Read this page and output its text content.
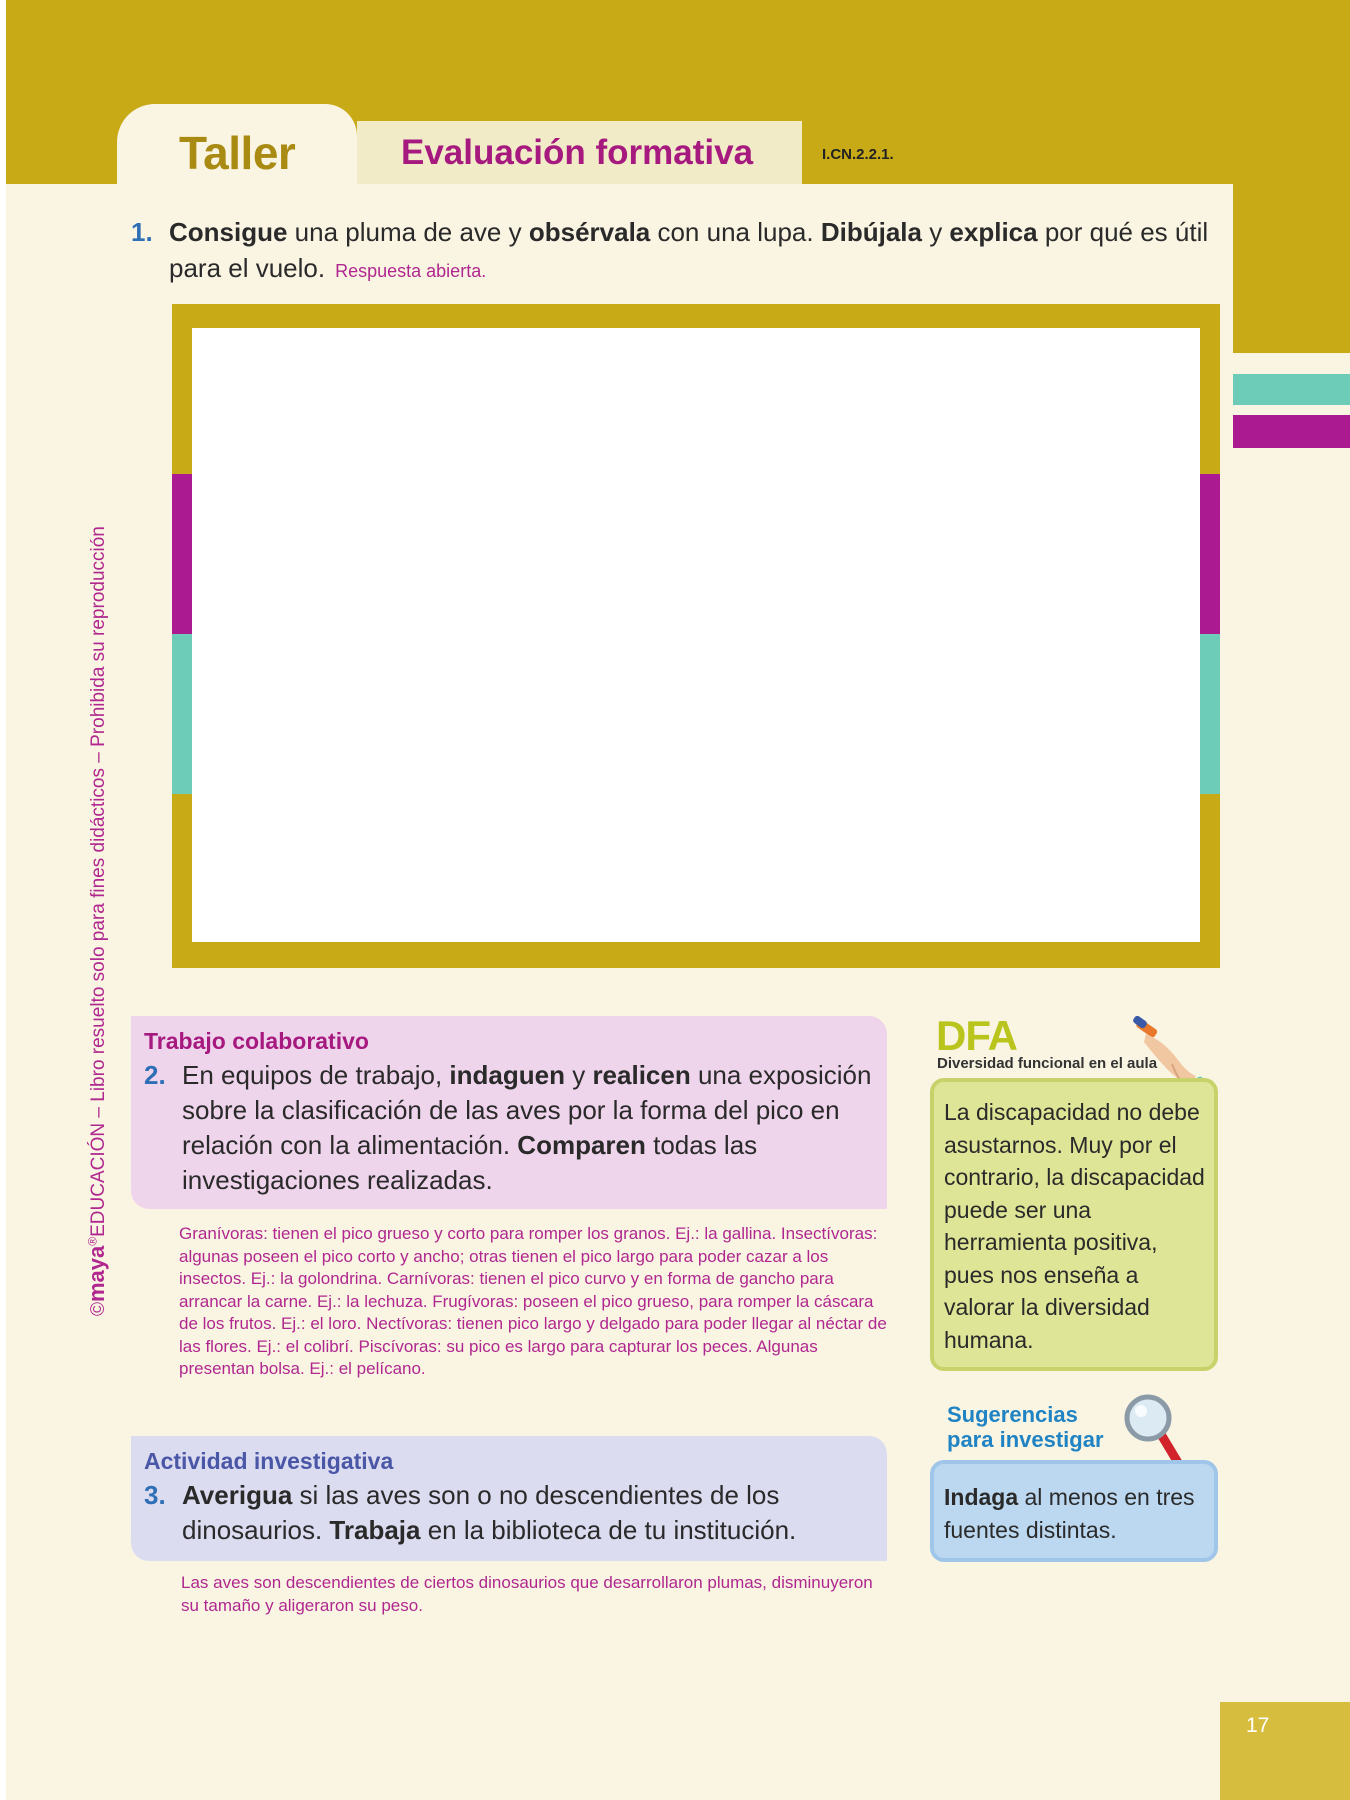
Taller	Evaluación formativa	I.CN.2.2.1.
1. Consigue una pluma de ave y obsérvala con una lupa. Dibújala y explica por qué es útil para el vuelo. Respuesta abierta.
©maya®EDUCACIÓN – Libro resuelto solo para fines didácticos – Prohibida su reproducción Trabajo colaborativo
2. En equipos de trabajo, indaguen y realicen una exposición sobre la clasificación de las aves por la forma del pico en relación con la alimentación. Comparen todas las investigaciones realizadas.
Granívoras: tienen el pico grueso y corto para romper los granos. Ej.: la gallina. Insectívoras: algunas poseen el pico corto y ancho; otras tienen el pico largo para poder cazar a los insectos. Ej.: la golondrina. Carnívoras: tienen el pico curvo y en forma de gancho para arrancar la carne. Ej.: la lechuza. Frugívoras: poseen el pico grueso, para romper la cáscara de los frutos. Ej.: el loro. Nectívoras: tienen pico largo y delgado para poder llegar al néctar de las flores. Ej.: el colibrí. Piscívoras: su pico es largo para capturar los peces. Algunas presentan bolsa. Ej.: el pelícano.
Actividad investigativa
3. Averigua si las aves son o no descendientes de los dinosaurios. Trabaja en la biblioteca de tu institución.
Las aves son descendientes de ciertos dinosaurios que desarrollaron plumas, disminuyeron su tamaño y aligeraron su peso.
DFA
Diversidad funcional en el aula
La discapacidad no debe asustarnos. Muy por el contrario, la discapacidad puede ser una herramienta positiva, pues nos enseña a valorar la diversidad humana.
Sugerencias
para investigar
Indaga al menos en tres fuentes distintas.
17
